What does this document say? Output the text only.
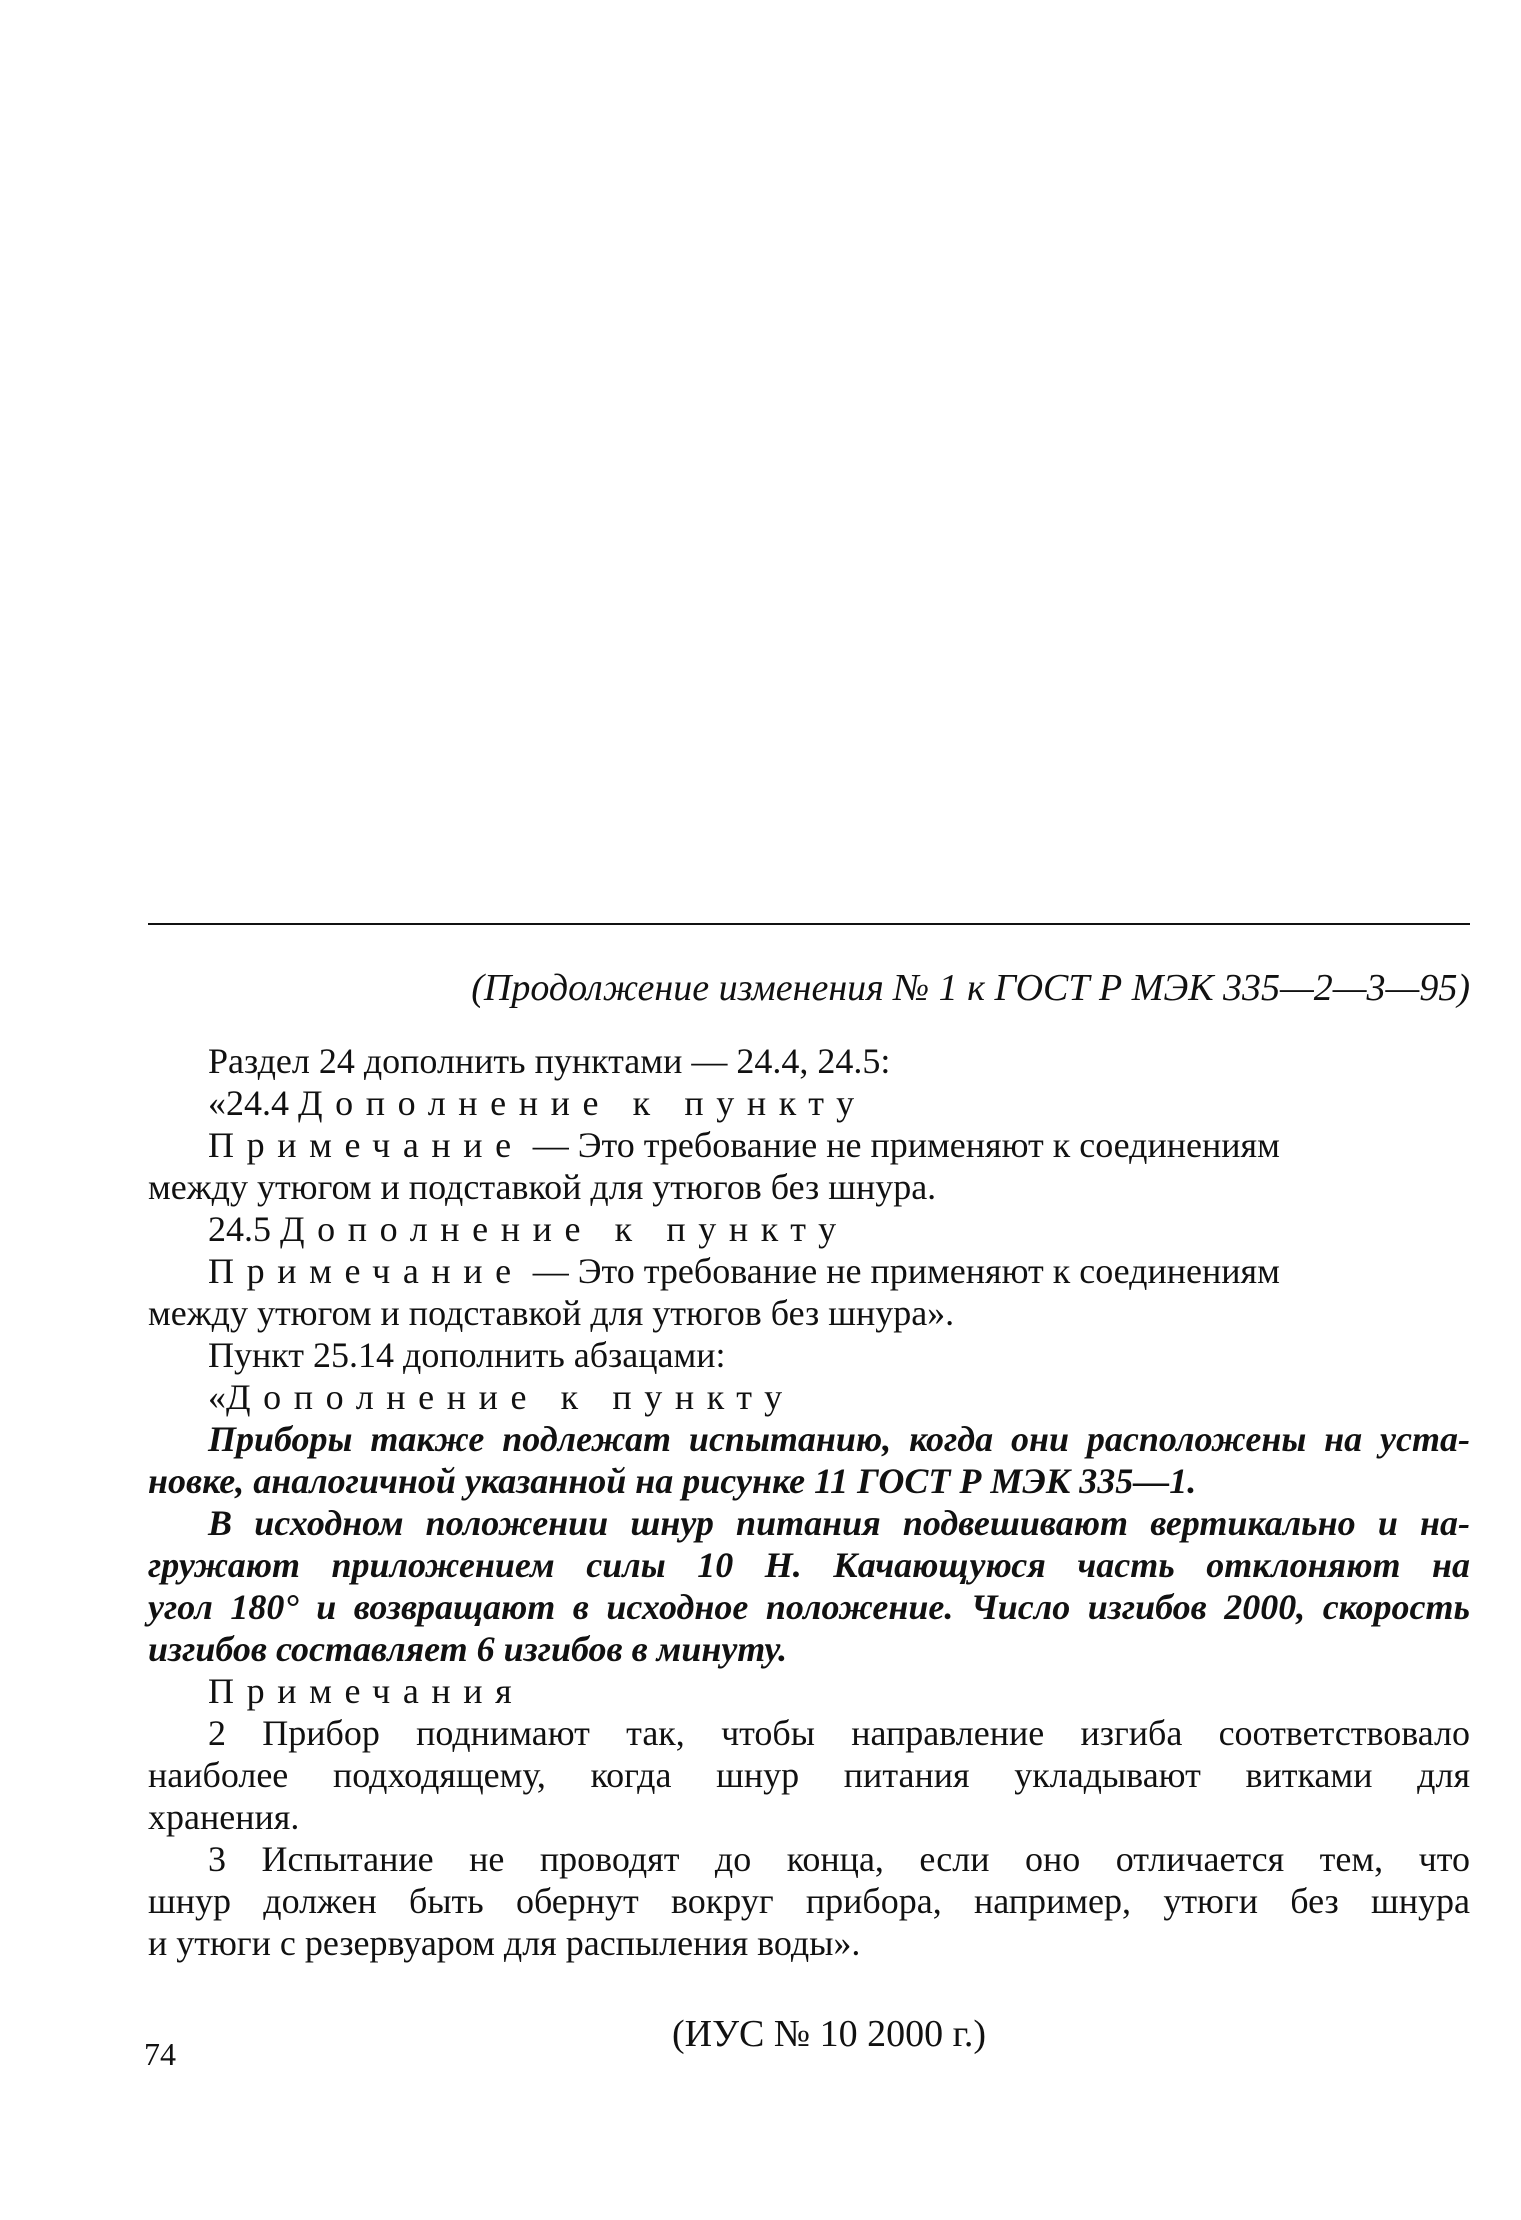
(Продолжение изменения № 1 к ГОСТ Р МЭК 335—2—3—95)
Раздел 24 дополнить пунктами — 24.4, 24.5:
«24.4 Дополнение к пункту
Примечание — Это требование не применяют к соединениям
между утюгом и подставкой для утюгов без шнура.
24.5 Дополнение к пункту
Примечание — Это требование не применяют к соединениям
между утюгом и подставкой для утюгов без шнура».
Пункт 25.14 дополнить абзацами:
«Дополнение к пункту
Приборы также подлежат испытанию, когда они расположены на уста-
новке, аналогичной указанной на рисунке 11 ГОСТ Р МЭК 335—1.
В исходном положении шнур питания подвешивают вертикально и на-
гружают приложением силы 10 Н. Качающуюся часть отклоняют на
угол 180° и возвращают в исходное положение. Число изгибов 2000, скорость
изгибов составляет 6 изгибов в минуту.
Примечания
2 Прибор поднимают так, чтобы направление изгиба соответствовало
наиболее подходящему, когда шнур питания укладывают витками для
хранения.
3 Испытание не проводят до конца, если оно отличается тем, что
шнур должен быть обернут вокруг прибора, например, утюги без шнура
и утюги с резервуаром для распыления воды».
(ИУС № 10 2000 г.)
74
